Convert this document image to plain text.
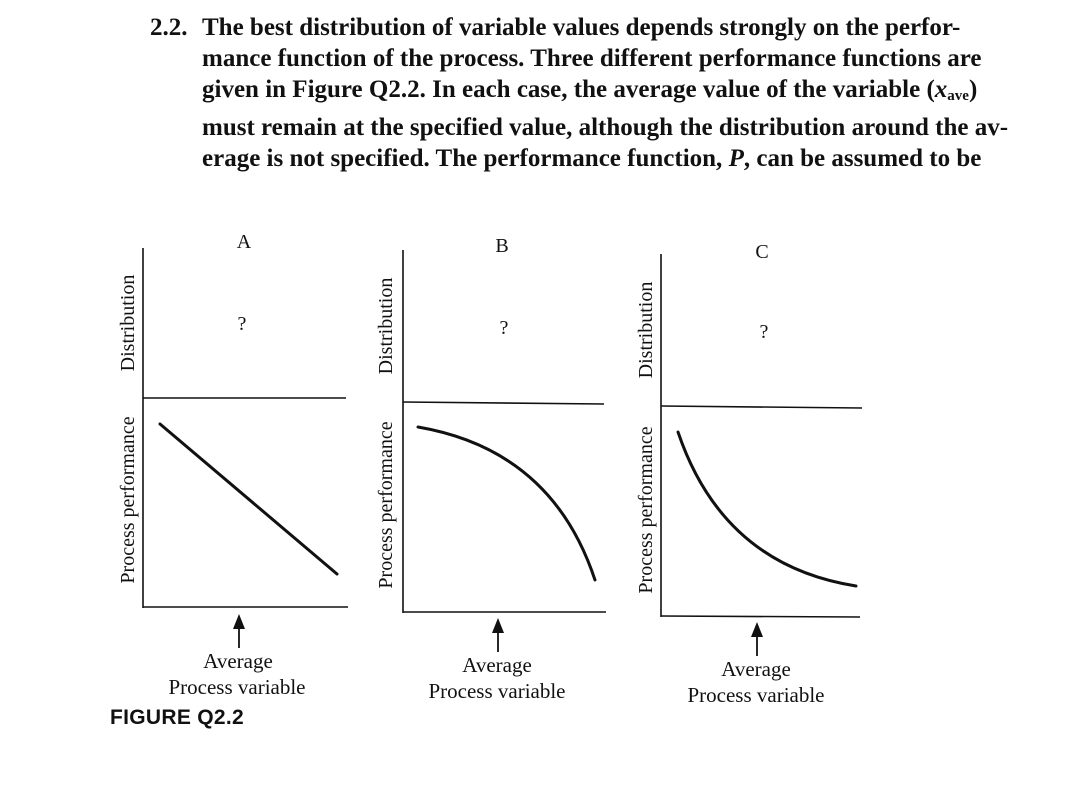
2.2. The best distribution of variable values depends strongly on the perfor-
mance function of the process. Three different performance functions are
given in Figure Q2.2. In each case, the average value of the variable $(x_{ave})$
must remain at the specified value, although the distribution around the av-
erage is not specified. The performance function, P, can be assumed to be
A
?
Distribution
Process performance
Average
Process variable
B
?
Distribution
Process performance
Average
Process variable
C
?
Distribution
Process performance
Average
Process variable
FIGURE Q2.2
